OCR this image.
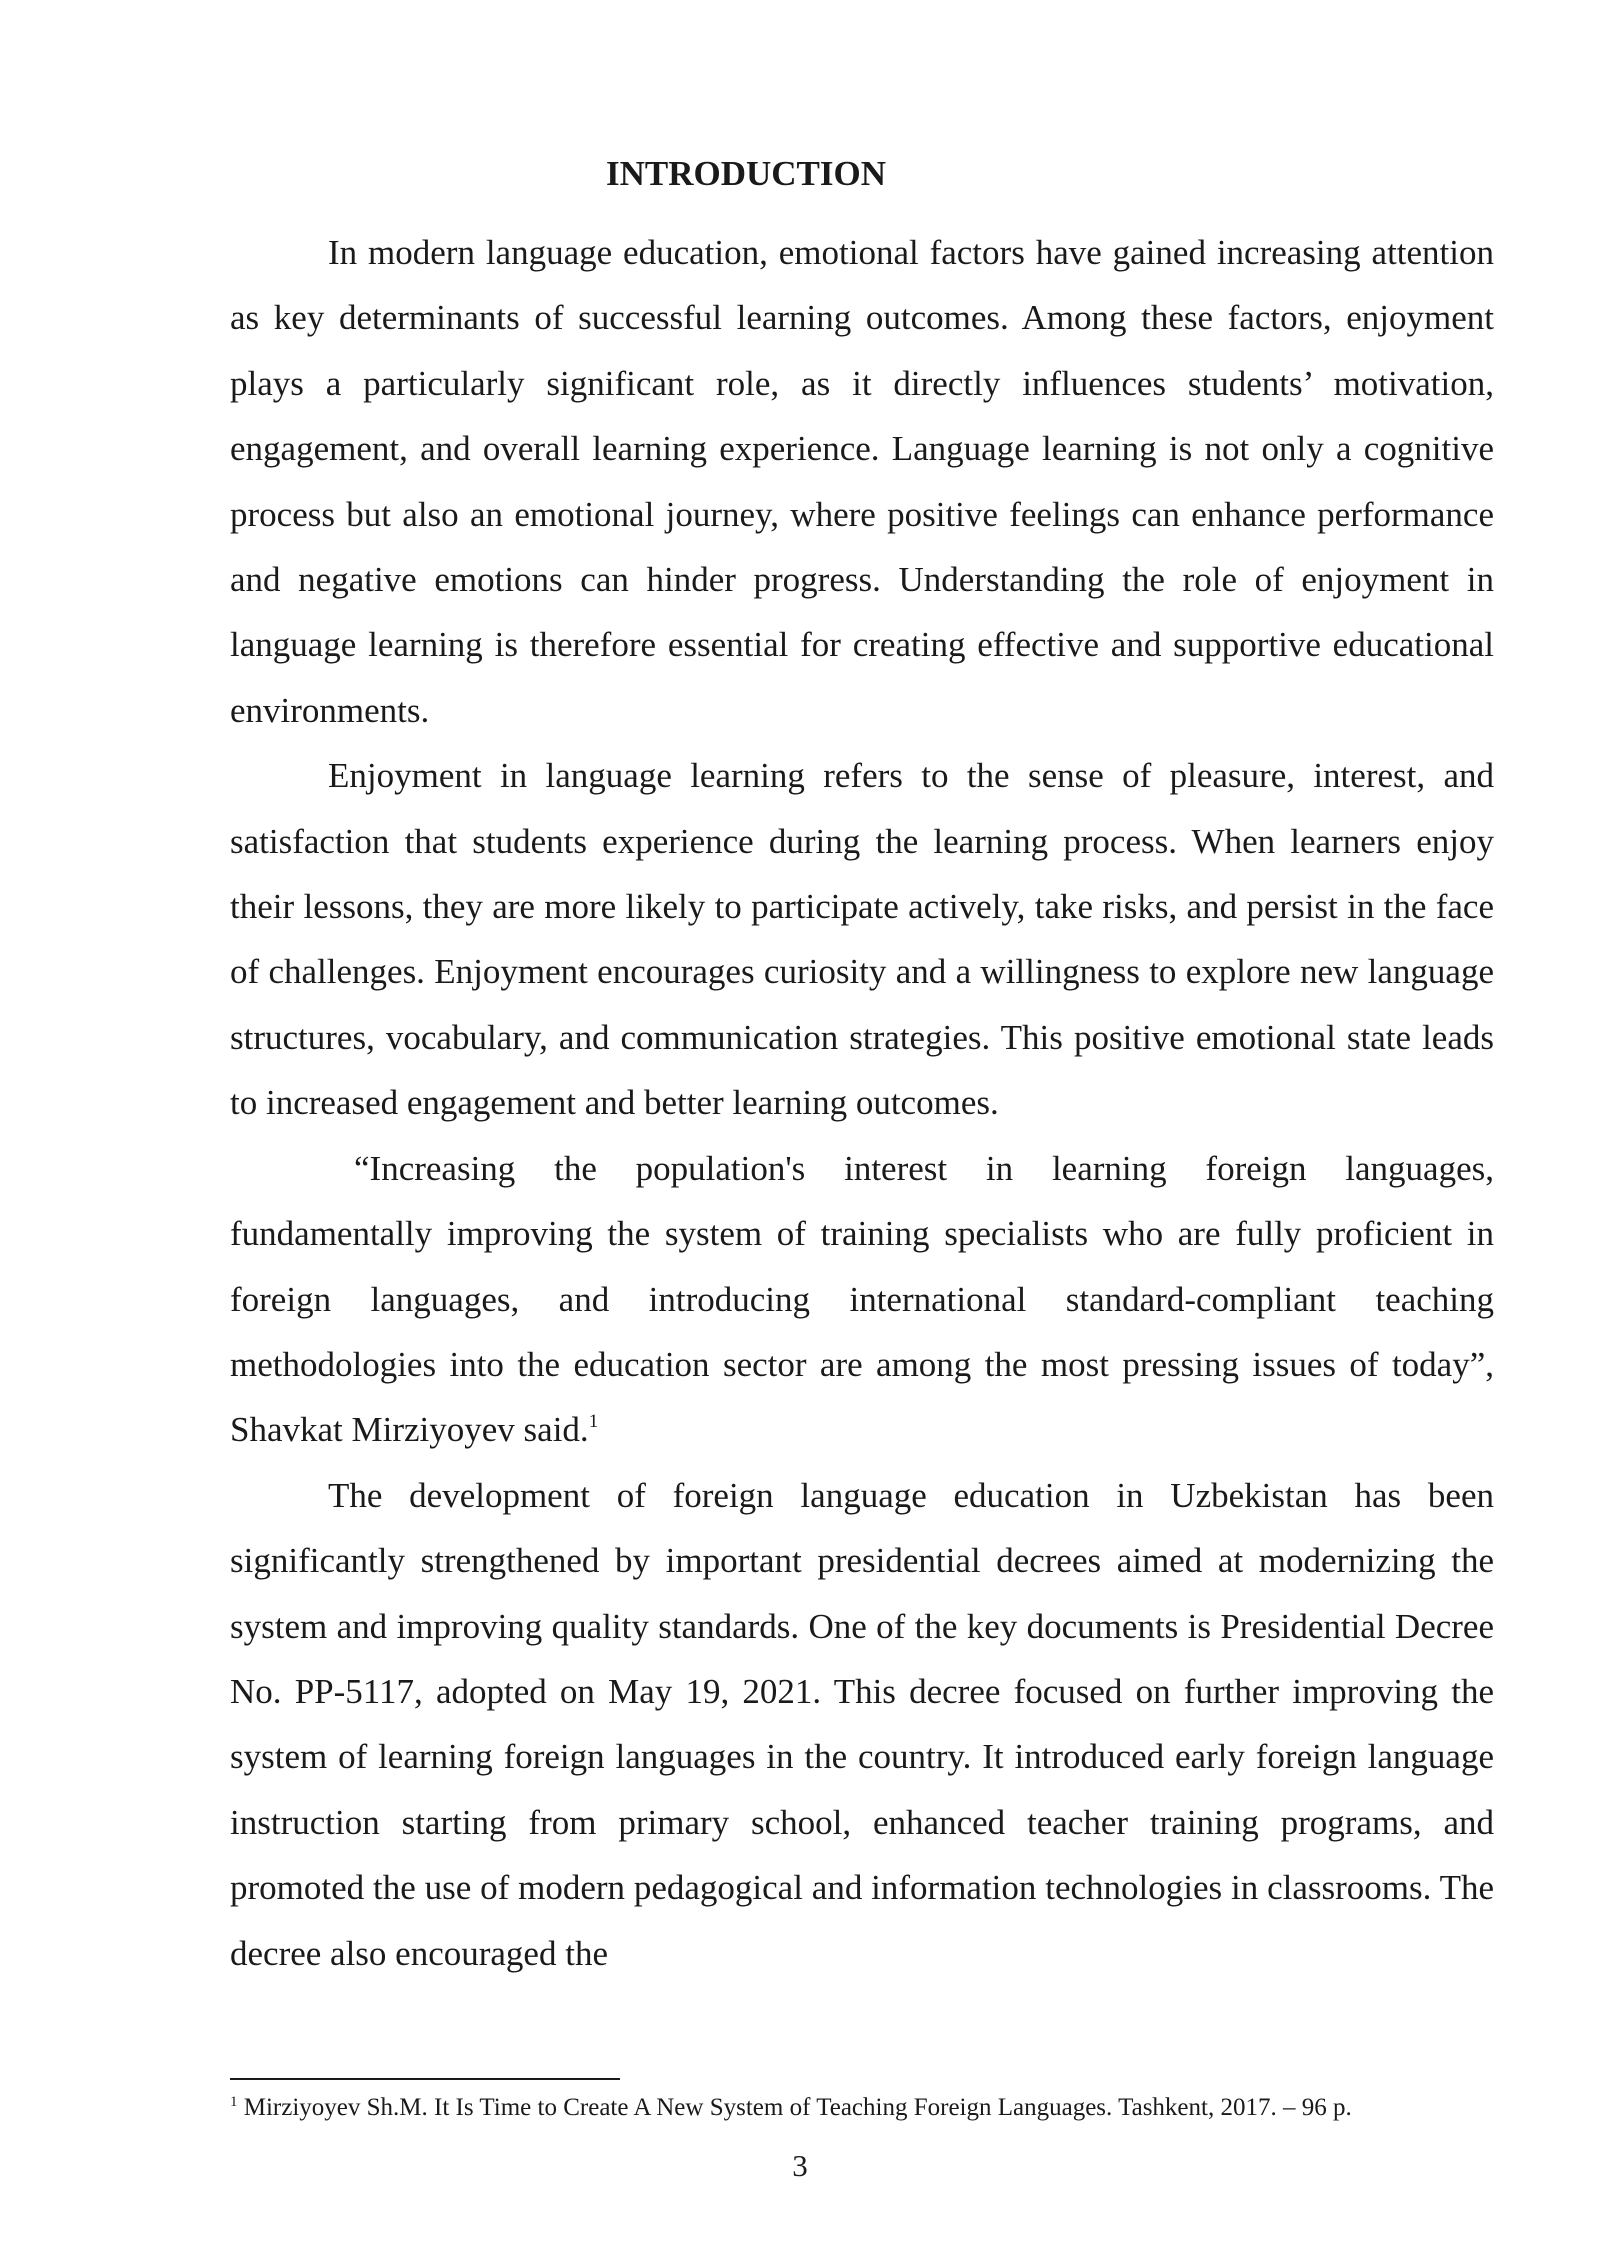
INTRODUCTION

In modern language education, emotional factors have gained increasing attention as key determinants of successful learning outcomes. Among these factors, enjoyment plays a particularly significant role, as it directly influences students’ motivation, engagement, and overall learning experience. Language learning is not only a cognitive process but also an emotional journey, where positive feelings can enhance performance and negative emotions can hinder progress. Understanding the role of enjoyment in language learning is therefore essential for creating effective and supportive educational environments.

Enjoyment in language learning refers to the sense of pleasure, interest, and satisfaction that students experience during the learning process. When learners enjoy their lessons, they are more likely to participate actively, take risks, and persist in the face of challenges. Enjoyment encourages curiosity and a willingness to explore new language structures, vocabulary, and communication strategies. This positive emotional state leads to increased engagement and better learning outcomes.

“Increasing the population's interest in learning foreign languages, fundamentally improving the system of training specialists who are fully proficient in foreign languages, and introducing international standard-compliant teaching methodologies into the education sector are among the most pressing issues of today”, Shavkat Mirziyoyev said.$^1$

The development of foreign language education in Uzbekistan has been significantly strengthened by important presidential decrees aimed at modernizing the system and improving quality standards. One of the key documents is Presidential Decree No. PP-5117, adopted on May 19, 2021. This decree focused on further improving the system of learning foreign languages in the country. It introduced early foreign language instruction starting from primary school, enhanced teacher training programs, and promoted the use of modern pedagogical and information technologies in classrooms. The decree also encouraged the

$^1$ Mirziyoyev Sh.M. It Is Time to Create A New System of Teaching Foreign Languages. Tashkent, 2017. – 96 p.

3
